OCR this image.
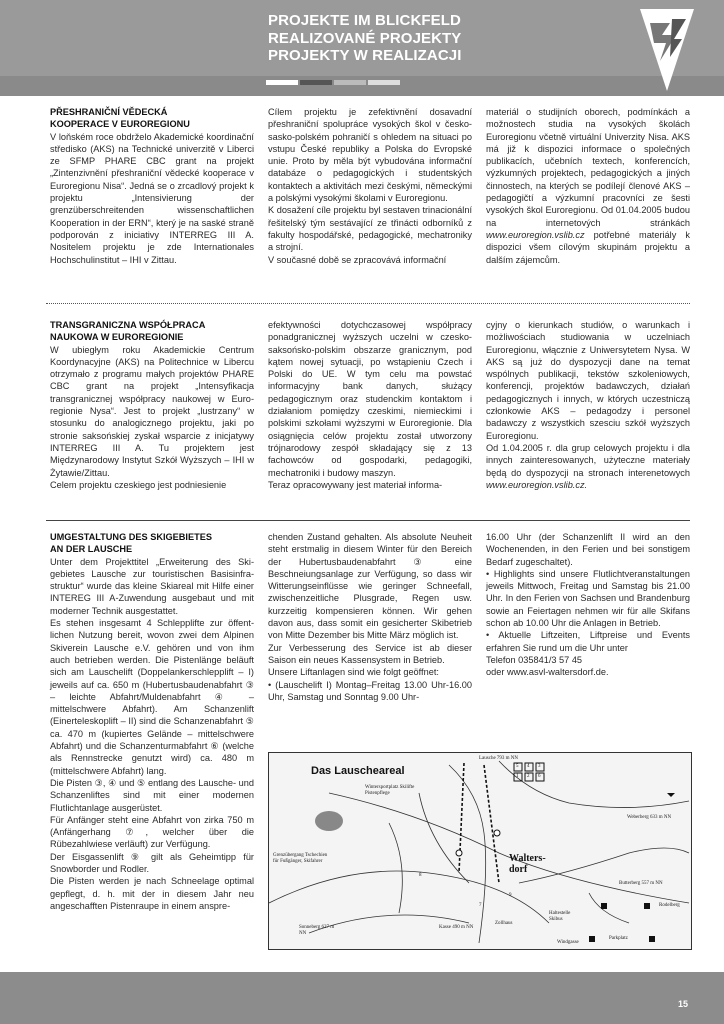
PROJEKTE IM BLICKFELD
REALIZOVANÉ PROJEKTY
PROJEKTY W REALIZACJI

PŘESHRANIČNÍ VĚDECKÁ

KOOPERACE V EUROREGIONU

V loňském roce obdrželo Akademické koordinační středisko (AKS) na Technické univerzitě v Liberci ze SFMP PHARE CBC grant na projekt „Zintenzivnění přeshraniční vědecké kooperace v Euroregionu Nisa“. Jedná se o zrcadlový projekt k projektu „Intensivierung der grenzüberschreitenden wissenschaftlichen Kooperation in der ERN“, který je na saské straně podporován z iniciativy INTERREG III A. Nositelem projektu je zde Internationales Hochschulinstitut – IHI v Zittau.

Cílem projektu je zefektivnění dosavadní přeshraniční spolupráce vysokých škol v česko-sasko-polském pohraničí s ohledem na situaci po vstupu České republiky a Polska do Evropské unie. Proto by měla být vybudována informační databáze o pedagogických i studentských kontaktech a aktivitách mezi českými, německými a polskými vysokými školami v Euroregionu.

K dosažení cíle projektu byl sestaven trinacionální řešitelský tým sestávající ze třinácti odborníků z fakulty hospodářské, pedagogické, mechatroniky a strojní.

V současné době se zpracovává informační

materiál o studijních oborech, podmínkách a možnostech studia na vysokých školách Euroregionu včetně virtuální Univerzity Nisa. AKS má již k dispozici informace o společných publikacích, učebních textech, konferencích, výzkumných projektech, pedagogických a jiných činnostech, na kterých se podílejí členové AKS – pedagogičtí a výzkumní pracovníci ze šesti vysokých škol Euroregionu. Od 01.04.2005 budou na internetových stránkách www.euroregion.vslib.cz potřebné materiály k dispozici všem cílovým skupinám projektu a dalším zájemcům.

TRANSGRANICZNA WSPÓŁPRACA

NAUKOWA W EUROREGIONIE

W ubiegłym roku Akademickie Centrum Koordynacyjne (AKS) na Politechnice w Libercu otrzymało z programu małych projektów PHARE CBC grant na projekt „Intensyfikacja transgranicznej współpracy naukowej w Euroregionie Nysa“. Jest to projekt „lustrzany“ w stosunku do analogicznego projektu, jaki po stronie saksońskiej zyskał wsparcie z inicjatywy INTERREG III A. Tu projektem jest Międzynarodowy Instytut Szkół Wyższych – IHI w Żytawie/Zittau.

Celem projektu czeskiego jest podniesienie

efektywności dotychczasowej współpracy ponadgranicznej wyższych uczelni w czesko-saksońsko-polskim obszarze granicznym, pod kątem nowej sytuacji, po wstąpieniu Czech i Polski do UE. W tym celu ma powstać informacyjny bank danych, służący pedagogicznym oraz studenckim kontaktom i działaniom pomiędzy czeskimi, niemieckimi i polskimi szkołami wyższymi w Euroregionie. Dla osiągnięcia celów projektu został utworzony trójnarodowy zespół składający się z 13 fachowców od gospodarki, pedagogiki, mechatroniki i budowy maszyn.

Teraz opracowywany jest materiał informa-

cyjny o kierunkach studiów, o warunkach i możliwościach studiowania w uczelniach Euroregionu, włącznie z Uniwersytetem Nysa. W AKS są już do dyspozycji dane na temat wspólnych publikacji, tekstów szkoleniowych, konferencji, projektów badawczych, działań pedagogicznych i innych, w których uczestniczą członkowie AKS – pedagodzy i personel badawczy z wszystkich szesciu szkół wyższych Euroregionu.

Od 1.04.2005 r. dla grup celowych projektu i dla innych zainteresowanych, użyteczne materiały będą do dyspozycji na stronach interenetowych www.euroregion.vslib.cz.

UMGESTALTUNG DES SKIGEBIETES

AN DER LAUSCHE

Unter dem Projekttitel „Erweiterung des Skigebietes Lausche zur touristischen Basisinfrastruktur“ wurde das kleine Skiareal mit Hilfe einer INTEREG III A-Zuwendung ausgebaut und mit moderner Technik ausgestattet.

Es stehen insgesamt 4 Schlepplifte zur öffentlichen Nutzung bereit, wovon zwei dem Alpinen Skiverein Lausche e.V. gehören und von ihm auch betrieben werden. Die Pistenlänge beläuft sich am Lauschelift (Doppelankerschlepplift – I) jeweils auf ca. 650 m (Hubertusbaudenabfahrt ③ – leichte Abfahrt/Muldenabfahrt ④ – mittelschwere Abfahrt). Am Schanzenlift (Einerteleskoplift – II) sind die Schanzenabfahrt ⑤ ca. 470 m (kupiertes Gelände – mittelschwere Abfahrt) und die Schanzenturmabfahrt ⑥ (welche als Rennstrecke genutzt wird) ca. 480 m (mittelschwere Abfahrt) lang.

Die Pisten ③, ④ und ⑤ entlang des Lausche- und Schanzenliftes sind mit einer modernen Flutlichtanlage ausgerüstet.

Für Anfänger steht eine Abfahrt von zirka 750 m (Anfängerhang ⑦, welcher über die Rübezahlwiese verläuft) zur Verfügung.

Der Eisgassenlift ⑨ gilt als Geheimtipp für Snowborder und Rodler.

Die Pisten werden je nach Schneelage optimal gepflegt, d. h. mit der in diesem Jahr neu angeschafften Pistenraupe in einem anspre-

chenden Zustand gehalten. Als absolute Neuheit steht erstmalig in diesem Winter für den Bereich der Hubertusbaudenabfahrt ③ eine Beschneiungsanlage zur Verfügung, so dass wir Witterungseinflüsse wie geringer Schneefall, zwischenzeitliche Plusgrade, Regen usw. kurzzeitig kompensieren können. Wir gehen davon aus, dass somit ein gesicherter Skibetrieb von Mitte Dezember bis Mitte März möglich ist.

Zur Verbesserung des Service ist ab dieser Saison ein neues Kassensystem in Betrieb.

Unsere Liftanlagen sind wie folgt geöffnet:

• (Lauschelift I) Montag–Freitag 13.00 Uhr-16.00 Uhr, Samstag und Sonntag 9.00 Uhr-

16.00 Uhr (der Schanzenlift II wird an den Wochenenden, in den Ferien und bei sonstigem Bedarf zugeschaltet).

• Highlights sind unsere Flutlichtveranstaltungen jeweils Mittwoch, Freitag und Samstag bis 21.00 Uhr. In den Ferien von Sachsen und Brandenburg sowie an Feiertagen nehmen wir für alle Skifans schon ab 10.00 Uhr die Anlagen in Betrieb.

• Aktuelle Liftzeiten, Liftpreise und Events erfahren Sie rund um die Uhr unter

Telefon 035841/3 57 45

oder www.asvl-waltersdorf.de.

Das Lauscheareal
Lausche 793 m NN
Wintersportplatz Skilifte Pistenpflege
Weberberg 633 m NN
Waltersdorf
Grenzübergang Tschechien für Fußgänger, Skifahrer
Sonneberg 627 m NN
Butterberg 557 m NN
Kasse 490 m NN
Zollhaus
Haltestelle Skibus
Windgasse
Parkplatz
Rodelberg
5 4 3
1 2 6
7
9
8
15
